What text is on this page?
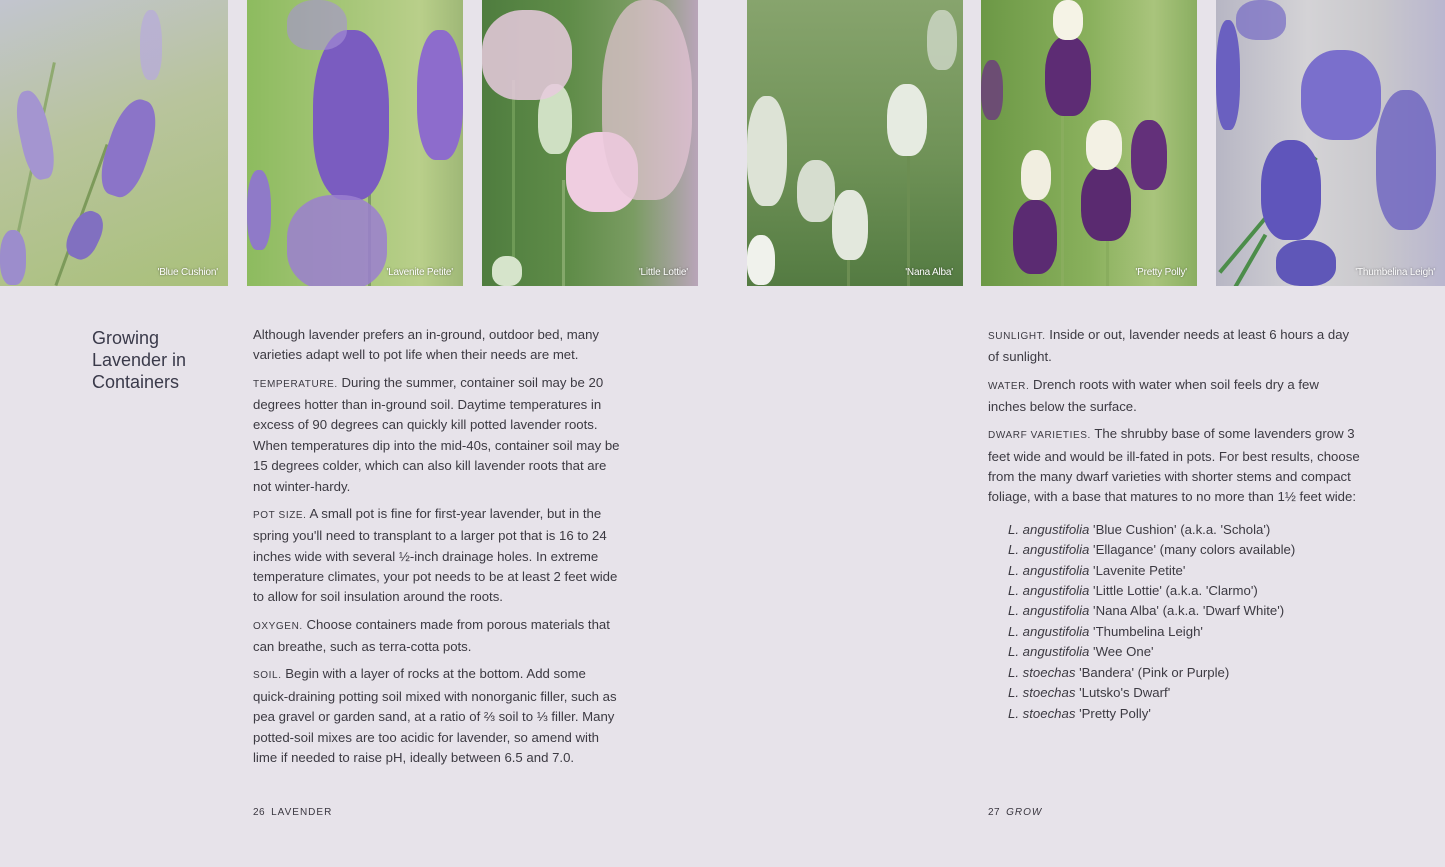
'Blue Cushion'	'Lavenite Petite'	'Little Lottie'	'Nana Alba'	'Pretty Polly'	'Thumbelina Leigh'
Growing Lavender in Containers

Although lavender prefers an in-ground, outdoor bed, many varieties adapt well to pot life when their needs are met.

TEMPERATURE. During the summer, container soil may be 20 degrees hotter than in-ground soil. Daytime temperatures in excess of 90 degrees can quickly kill potted lavender roots. When temperatures dip into the mid-40s, container soil may be 15 degrees colder, which can also kill lavender roots that are not winter-hardy.

POT SIZE. A small pot is fine for first-year lavender, but in the spring you'll need to transplant to a larger pot that is 16 to 24 inches wide with several ½-inch drainage holes. In extreme temperature climates, your pot needs to be at least 2 feet wide to allow for soil insulation around the roots.

OXYGEN. Choose containers made from porous materials that can breathe, such as terra-cotta pots.

SOIL. Begin with a layer of rocks at the bottom. Add some quick-draining potting soil mixed with nonorganic filler, such as pea gravel or garden sand, at a ratio of ⅔ soil to ⅓ filler. Many potted-soil mixes are too acidic for lavender, so amend with lime if needed to raise pH, ideally between 6.5 and 7.0.

26 LAVENDER

SUNLIGHT. Inside or out, lavender needs at least 6 hours a day of sunlight.

WATER. Drench roots with water when soil feels dry a few inches below the surface.

DWARF VARIETIES. The shrubby base of some lavenders grow 3 feet wide and would be ill-fated in pots. For best results, choose from the many dwarf varieties with shorter stems and compact foliage, with a base that matures to no more than 1½ feet wide:

L. angustifolia 'Blue Cushion' (a.k.a. 'Schola')
L. angustifolia 'Ellagance' (many colors available)
L. angustifolia 'Lavenite Petite'
L. angustifolia 'Little Lottie' (a.k.a. 'Clarmo')
L. angustifolia 'Nana Alba' (a.k.a. 'Dwarf White')
L. angustifolia 'Thumbelina Leigh'
L. angustifolia 'Wee One'
L. stoechas 'Bandera' (Pink or Purple)
L. stoechas 'Lutsko's Dwarf'
L. stoechas 'Pretty Polly'
27 GROW
